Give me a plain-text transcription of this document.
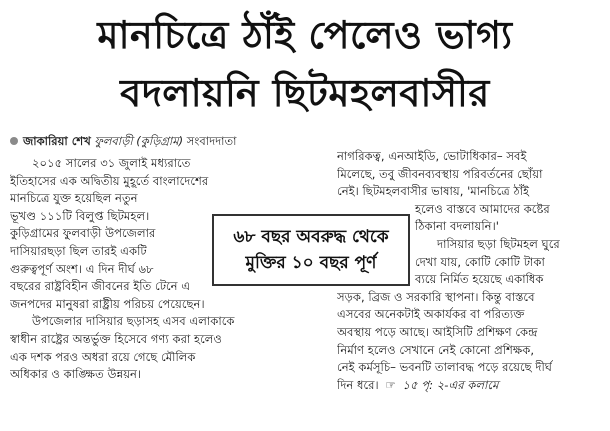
মানচিত্রে ঠাঁই পেলেও ভাগ্য
বদলায়নি ছিটমহলবাসীর
জাকারিয়া শেখ ফুলবাড়ী (কুড়িগ্রাম) সংবাদদাতা
২০১৫ সালের ৩১ জুলাই মধ্যরাতে
ইতিহাসের এক অদ্বিতীয় মুহূর্তে বাংলাদেশের
মানচিত্রে যুক্ত হয়েছিল নতুন
ভূখণ্ড ১১১টি বিলুপ্ত ছিটমহল।
কুড়িগ্রামের ফুলবাড়ী উপজেলার
দাসিয়ারছড়া ছিল তারই একটি
গুরুত্বপূর্ণ অংশ। এ দিন দীর্ঘ ৬৮
বছরের রাষ্ট্রবিহীন জীবনের ইতি টেনে এ
জনপদের মানুষরা রাষ্ট্রীয় পরিচয় পেয়েছেন।
উপজেলার দাসিয়ার ছড়াসহ এসব এলাকাকে
স্বাধীন রাষ্ট্রের অন্তর্ভুক্ত হিসেবে গণ্য করা হলেও
এক দশক পরও অধরা রয়ে গেছে মৌলিক
অধিকার ও কাঙ্ক্ষিত উন্নয়ন।
৬৮ বছর অবরুদ্ধ থেকে
মুক্তির ১০ বছর পূর্ণ
নাগরিকত্ব, এনআইডি, ভোটাধিকার– সবই
মিলেছে, তবু জীবনব্যবস্থায় পরিবর্তনের ছোঁয়া
নেই। ছিটমহলবাসীর ভাষায়, 'মানচিত্রে ঠাঁই
হলেও বাস্তবে আমাদের কষ্টের
ঠিকানা বদলায়নি।'
দাসিয়ার ছড়া ছিটমহল ঘুরে
দেখা যায়, কোটি কোটি টাকা
ব্যয়ে নির্মিত হয়েছে একাধিক
সড়ক, ব্রিজ ও সরকারি স্থাপনা। কিন্তু বাস্তবে
এসবের অনেকটাই অকার্যকর বা পরিত্যক্ত
অবস্থায় পড়ে আছে। আইসিটি প্রশিক্ষণ কেন্দ্র
নির্মাণ হলেও সেখানে নেই কোনো প্রশিক্ষক,
নেই কর্মসূচি– ভবনটি তালাবদ্ধ পড়ে রয়েছে দীর্ঘ
দিন ধরে। ☞ ১৫ পৃ: ২-এর কলামে
